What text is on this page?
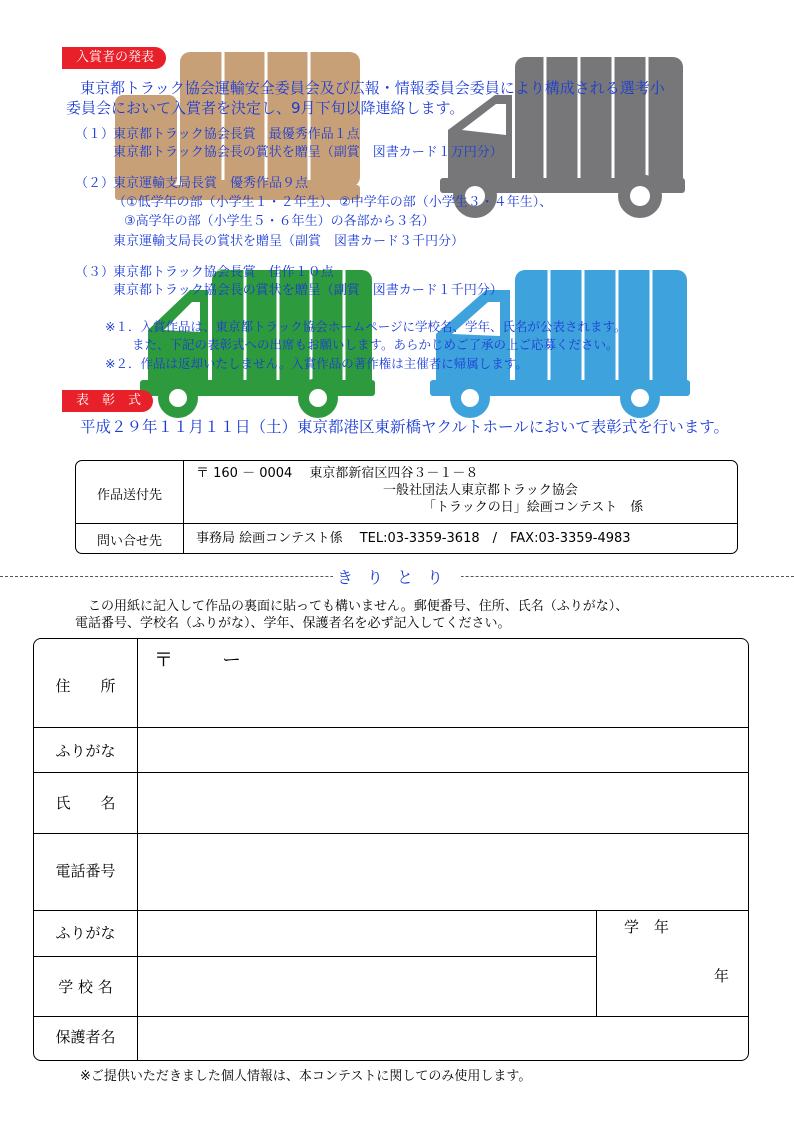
入賞者の発表
東京都トラック協会運輸安全委員会及び広報・情報委員会委員により構成される選考小
委員会において入賞者を決定し、9月下旬以降連絡します。
（１）
東京都トラック協会長賞　最優秀作品１点
東京都トラック協会長の賞状を贈呈（副賞　図書カード１万円分）
（２）
東京運輸支局長賞　優秀作品９点
（①低学年の部（小学生１・２年生）、②中学年の部（小学生３・４年生）、
③高学年の部（小学生５・６年生）の各部から３名）
東京運輸支局長の賞状を贈呈（副賞　図書カード３千円分）
（３）
東京都トラック協会長賞　佳作１０点
東京都トラック協会長の賞状を贈呈（副賞　図書カード１千円分）
※１．入賞作品は、東京都トラック協会ホームページに学校名、学年、氏名が公表されます。
また、下記の表彰式への出席もお願いします。あらかじめご了承の上ご応募ください。
※２．作品は返却いたしません。入賞作品の著作権は主催者に帰属します。
表　彰　式
平成２９年１１月１１日（土）東京都港区東新橋ヤクルトホールにおいて表彰式を行います。
作品送付先
〒 160 － 0004　 東京都新宿区四谷３－１－８
一般社団法人東京都トラック協会
「トラックの日」絵画コンテスト　係
問い合せ先	事務局 絵画コンテスト係　 TEL:03-3359-3618　/　FAX:03-3359-4983
きりとり
この用紙に記入して作品の裏面に貼っても構いません。郵便番号、住所、氏名（ふりがな）、
電話番号、学校名（ふりがな）、学年、保護者名を必ず記入してください。
住　　所
〒	ー
ふりがな
氏　　名
電話番号
ふりがな
学 校 名
学　年
年
保護者名
※ご提供いただきました個人情報は、本コンテストに関してのみ使用します。
